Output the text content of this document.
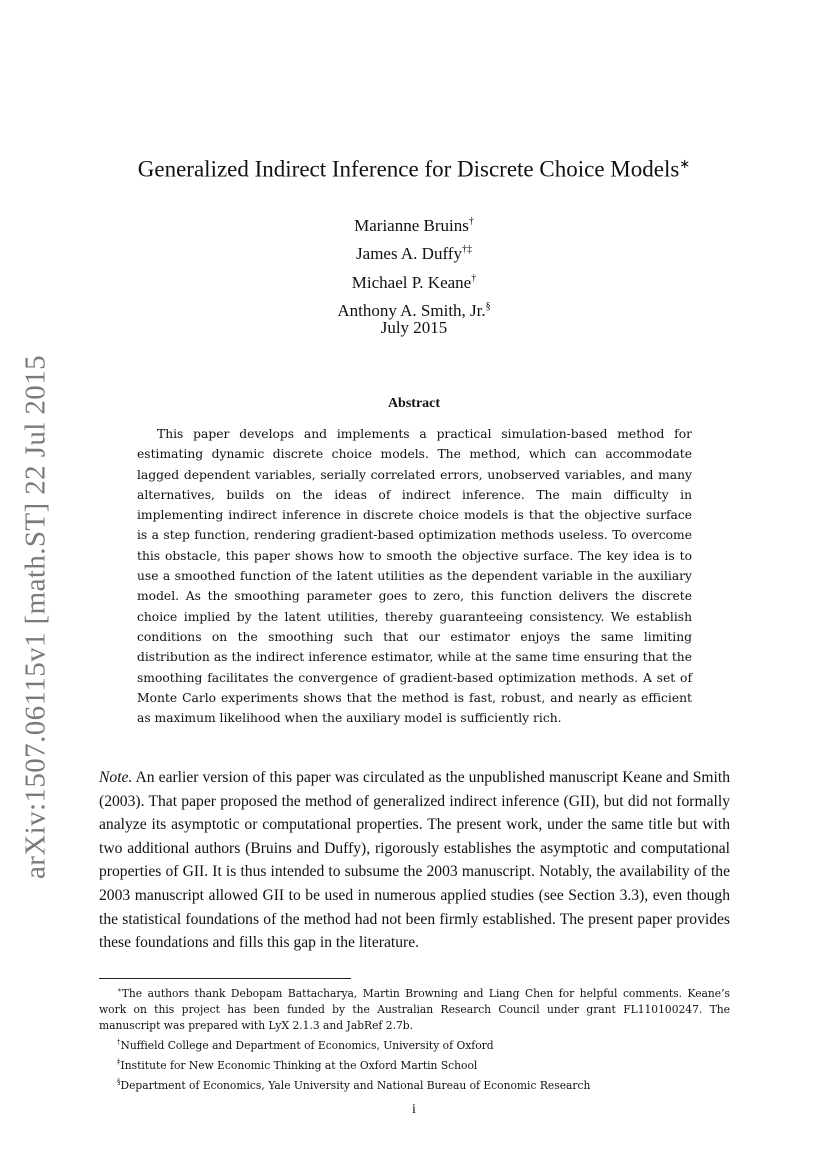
arXiv:1507.06115v1 [math.ST] 22 Jul 2015
Generalized Indirect Inference for Discrete Choice Models∗
Marianne Bruins†
James A. Duffy†‡
Michael P. Keane†
Anthony A. Smith, Jr.§
July 2015
Abstract

This paper develops and implements a practical simulation-based method for estimating dynamic discrete choice models. The method, which can accommodate lagged dependent variables, serially correlated errors, unobserved variables, and many alternatives, builds on the ideas of indirect inference. The main difficulty in implementing indirect inference in discrete choice models is that the objective surface is a step function, rendering gradient-based optimization methods useless. To overcome this obstacle, this paper shows how to smooth the objective surface. The key idea is to use a smoothed function of the latent utilities as the dependent variable in the auxiliary model. As the smoothing parameter goes to zero, this function delivers the discrete choice implied by the latent utilities, thereby guaranteeing consistency. We establish conditions on the smoothing such that our estimator enjoys the same limiting distribution as the indirect inference estimator, while at the same time ensuring that the smoothing facilitates the convergence of gradient-based optimization methods. A set of Monte Carlo experiments shows that the method is fast, robust, and nearly as efficient as maximum likelihood when the auxiliary model is sufficiently rich.

Note. An earlier version of this paper was circulated as the unpublished manuscript Keane and Smith (2003). That paper proposed the method of generalized indirect inference (GII), but did not formally analyze its asymptotic or computational properties. The present work, under the same title but with two additional authors (Bruins and Duffy), rigorously establishes the asymptotic and computational properties of GII. It is thus intended to subsume the 2003 manuscript. Notably, the availability of the 2003 manuscript allowed GII to be used in numerous applied studies (see Section 3.3), even though the statistical foundations of the method had not been firmly established. The present paper provides these foundations and fills this gap in the literature.

∗The authors thank Debopam Battacharya, Martin Browning and Liang Chen for helpful comments. Keane’s work on this project has been funded by the Australian Research Council under grant FL110100247. The manuscript was prepared with LyX 2.1.3 and JabRef 2.7b.

†Nuffield College and Department of Economics, University of Oxford

‡Institute for New Economic Thinking at the Oxford Martin School

§Department of Economics, Yale University and National Bureau of Economic Research

i
